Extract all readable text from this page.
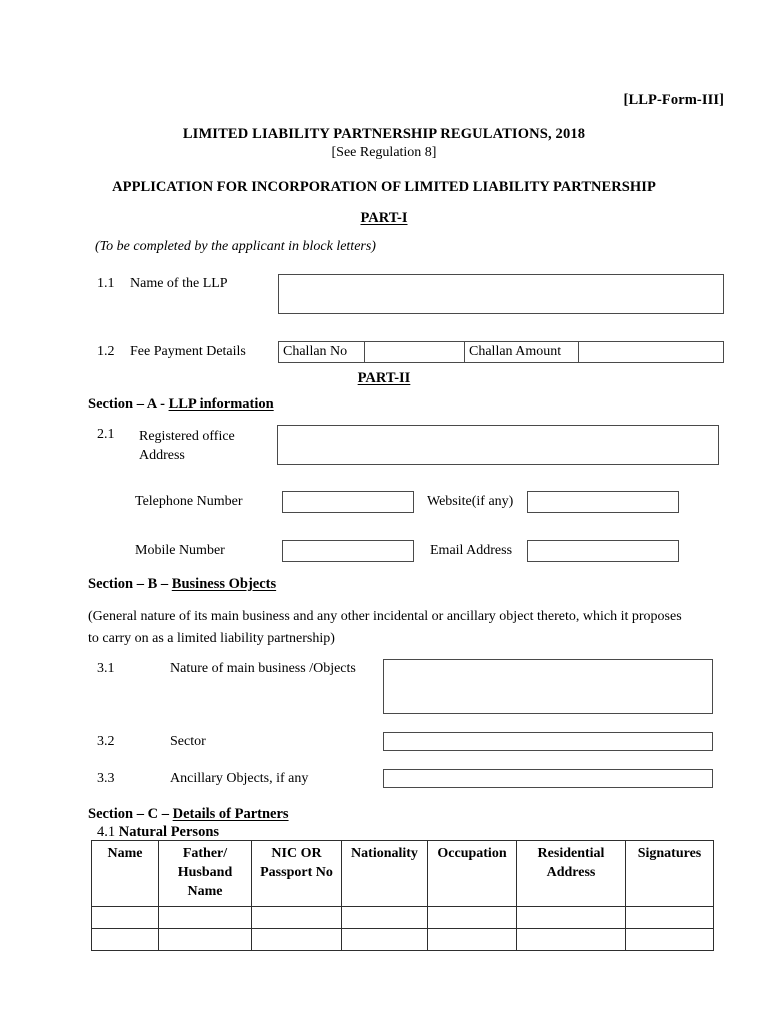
[LLP-Form-III]
LIMITED LIABILITY PARTNERSHIP REGULATIONS, 2018
[See Regulation 8]
APPLICATION FOR INCORPORATION OF LIMITED LIABILITY PARTNERSHIP
PART-I
(To be completed by the applicant in block letters)
1.1 Name of the LLP
1.2 Fee Payment Details	Challan No	Challan Amount
PART-II
Section – A - LLP information
2.1 Registered office Address
Telephone Number	Website(if any)
Mobile Number	Email Address
Section – B – Business Objects
(General nature of its main business and any other incidental or ancillary object thereto, which it proposes to carry on as a limited liability partnership)
3.1	Nature of main business /Objects
3.2	Sector
3.3	Ancillary Objects, if any
Section – C – Details of Partners
4.1 Natural Persons
Name	Father/ Husband Name	NIC OR Passport No	Nationality	Occupation	Residential Address	Signatures
